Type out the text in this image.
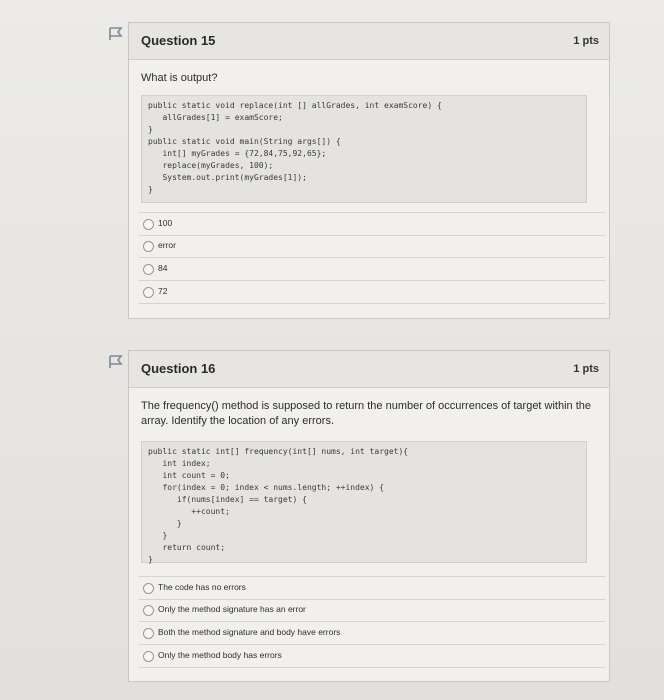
Question 15	1 pts
What is output?
public static void replace(int [] allGrades, int examScore) {
allGrades[1] = examScore;
}
public static void main(String args[]) {
int[] myGrades = {72,84,75,92,65};
replace(myGrades, 100);
System.out.print(myGrades[1]);
}
100
error
84
72
Question 16	1 pts
The frequency() method is supposed to return the number of occurrences of target within the
array. Identify the location of any errors.
public static int[] frequency(int[] nums, int target){
int index;
int count = 0;
for(index = 0; index < nums.length; ++index) {
if(nums[index] == target) {
++count;
}
}
return count;
}
The code has no errors
Only the method signature has an error
Both the method signature and body have errors
Only the method body has errors
